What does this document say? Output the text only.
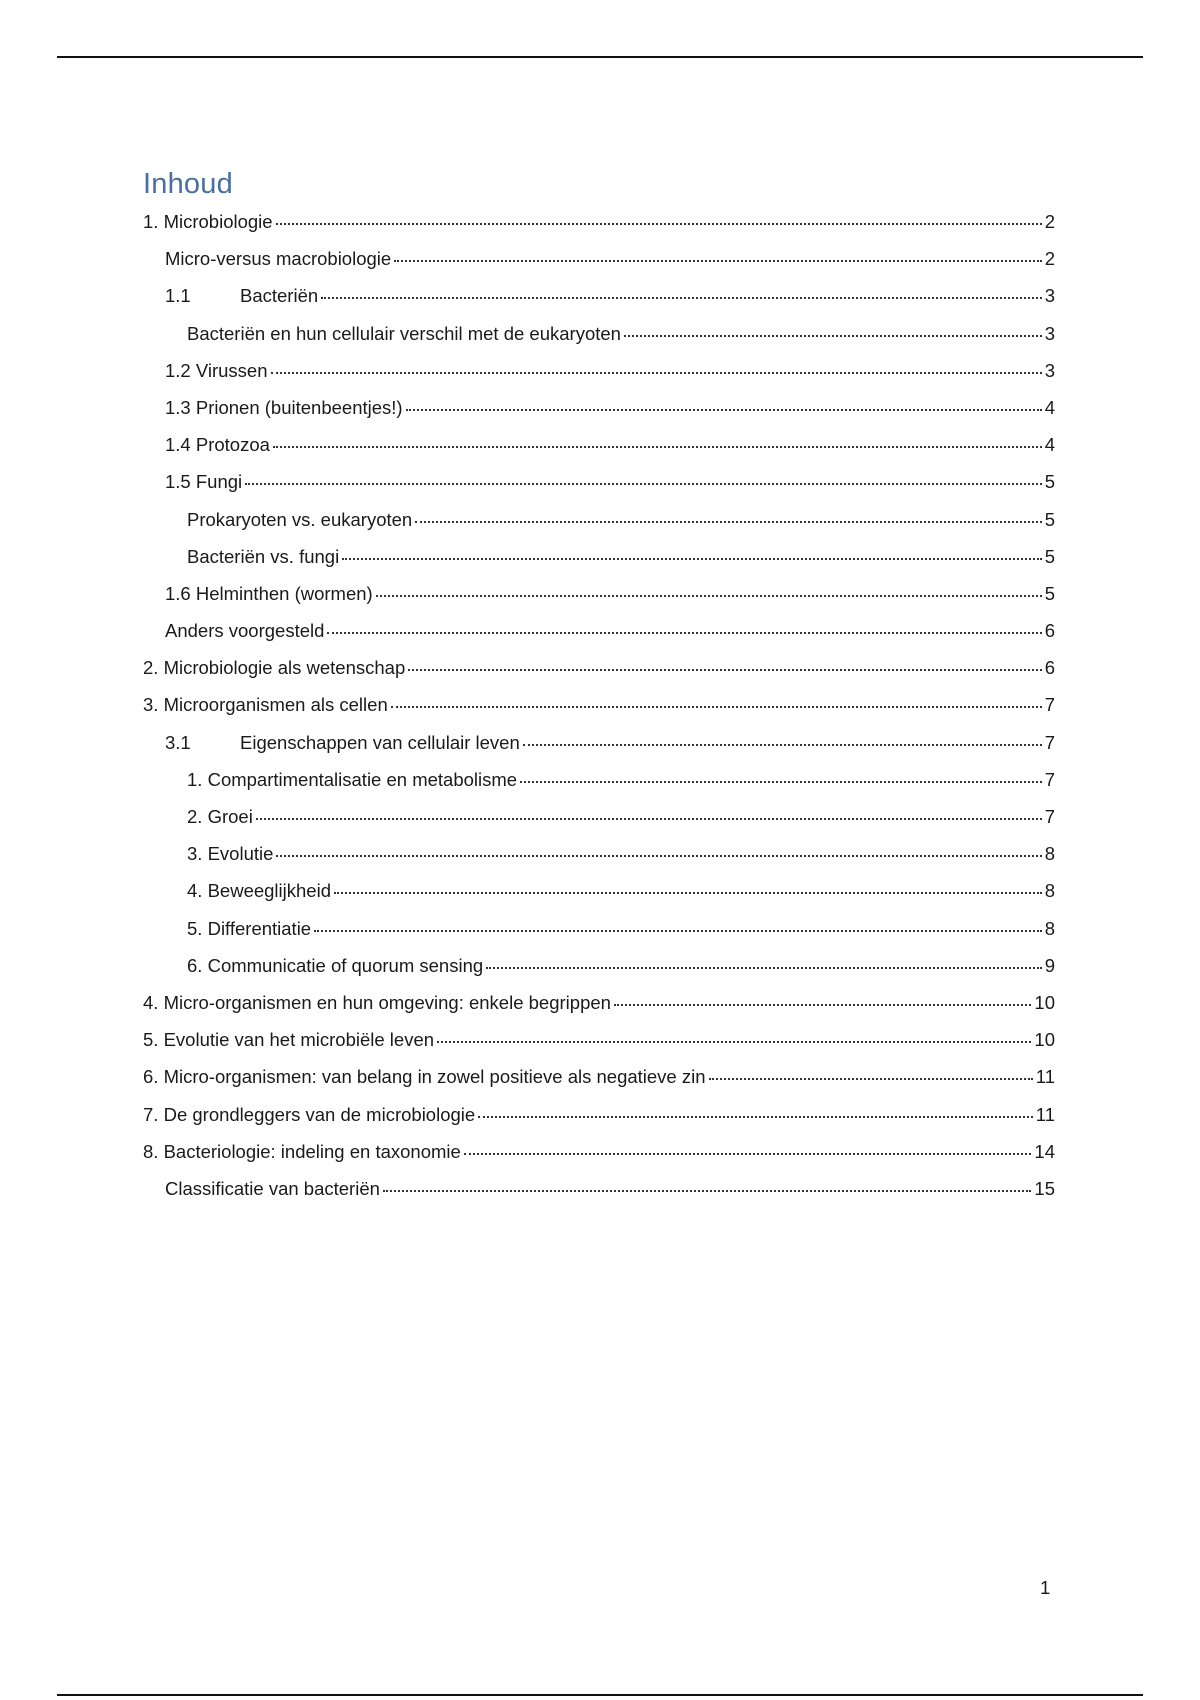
Inhoud
1. Microbiologie	2
Micro-versus macrobiologie	2
1.1	Bacteriën	3
Bacteriën en hun cellulair verschil met de eukaryoten	3
1.2 Virussen	3
1.3 Prionen (buitenbeentjes!)	4
1.4 Protozoa	4
1.5 Fungi	5
Prokaryoten vs. eukaryoten	5
Bacteriën vs. fungi	5
1.6 Helminthen (wormen)	5
Anders voorgesteld	6
2. Microbiologie als wetenschap	6
3. Microorganismen als cellen	7
3.1	Eigenschappen van cellulair leven	7
1. Compartimentalisatie en metabolisme	7
2. Groei	7
3. Evolutie	8
4. Beweeglijkheid	8
5. Differentiatie	8
6. Communicatie of quorum sensing	9
4. Micro-organismen en hun omgeving: enkele begrippen	10
5. Evolutie van het microbiële leven	10
6. Micro-organismen: van belang in zowel positieve als negatieve zin	11
7. De grondleggers van de microbiologie	11
8. Bacteriologie: indeling en taxonomie	14
Classificatie van bacteriën	15
1
